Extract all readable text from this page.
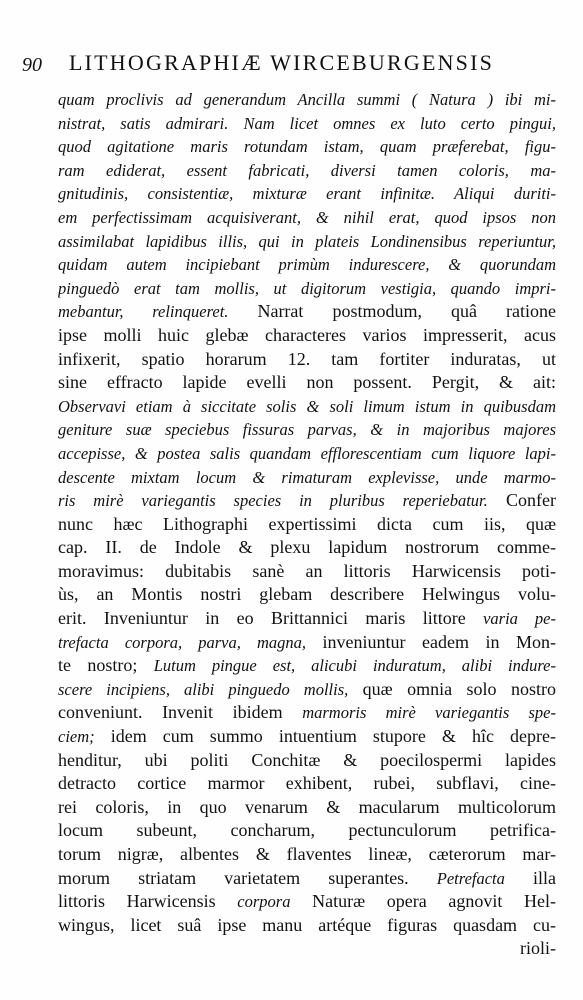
90 LITHOGRAPHIÆ WIRCEBURGENSIS
quam proclivis ad generandum Ancilla summi ( Natura ) ibi mi-
nistrat, satis admirari. Nam licet omnes ex luto certo pingui,
quod agitatione maris rotundam istam, quam præferebat, figu-
ram ediderat, essent fabricati, diversi tamen coloris, ma-
gnitudinis, consistentiæ, mixturæ erant infinitæ. Aliqui duriti-
em perfectissimam acquisiverant, & nihil erat, quod ipsos non
assimilabat lapidibus illis, qui in plateis Londinensibus reperiuntur,
quidam autem incipiebant primùm indurescere, & quorundam
pinguedò erat tam mollis, ut digitorum vestigia, quando impri-
mebantur, relinqueret. Narrat postmodum, quâ ratione
ipse molli huic glebæ characteres varios impresserit, acus
infixerit, spatio horarum 12. tam fortiter induratas, ut
sine effracto lapide evelli non possent. Pergit, & ait:
Observavi etiam à siccitate solis & soli limum istum in quibusdam
geniture suæ speciebus fissuras parvas, & in majoribus majores
accepisse, & postea salis quandam efflorescentiam cum liquore lapi-
descente mixtam locum & rimaturam explevisse, unde marmo-
ris mirè variegantis species in pluribus reperiebatur. Confer
nunc hæc Lithographi expertissimi dicta cum iis, quæ
cap. II. de Indole & plexu lapidum nostrorum comme-
moravimus: dubitabis sanè an littoris Harwicensis poti-
ùs, an Montis nostri glebam describere Helwingus volu-
erit. Inveniuntur in eo Brittannici maris littore varia pe-
trefacta corpora, parva, magna, inveniuntur eadem in Mon-
te nostro; Lutum pingue est, alicubi induratum, alibi indure-
scere incipiens, alibi pinguedo mollis, quæ omnia solo nostro
conveniunt. Invenit ibidem marmoris mirè variegantis spe-
ciem; idem cum summo intuentium stupore & hîc depre-
henditur, ubi politi Conchitæ & poecilospermi lapides
detracto cortice marmor exhibent, rubei, subflavi, cine-
rei coloris, in quo venarum & macularum multicolorum
locum subeunt, concharum, pectunculorum petrifica-
torum nigræ, albentes & flaventes lineæ, cæterorum mar-
morum striatam varietatem superantes. Petrefacta illa
littoris Harwicensis corpora Naturæ opera agnovit Hel-
wingus, licet suâ ipse manu artéque figuras quasdam cu-
rioli-
